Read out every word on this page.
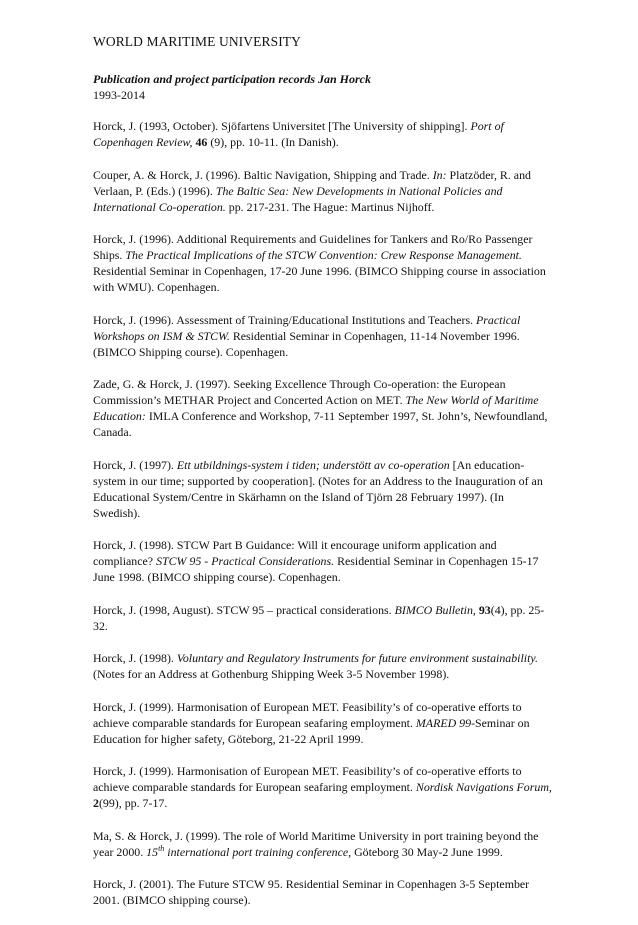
WORLD MARITIME UNIVERSITY
Publication and project participation records Jan Horck
1993-2014
Horck, J. (1993, October). Sjöfartens Universitet [The University of shipping]. Port of Copenhagen Review, 46 (9), pp. 10-11. (In Danish).
Couper, A. & Horck, J. (1996). Baltic Navigation, Shipping and Trade. In: Platzöder, R. and Verlaan, P. (Eds.) (1996). The Baltic Sea: New Developments in National Policies and International Co-operation. pp. 217-231. The Hague: Martinus Nijhoff.
Horck, J. (1996). Additional Requirements and Guidelines for Tankers and Ro/Ro Passenger Ships. The Practical Implications of the STCW Convention: Crew Response Management. Residential Seminar in Copenhagen, 17-20 June 1996. (BIMCO Shipping course in association with WMU). Copenhagen.
Horck, J. (1996). Assessment of Training/Educational Institutions and Teachers. Practical Workshops on ISM & STCW. Residential Seminar in Copenhagen, 11-14 November 1996. (BIMCO Shipping course). Copenhagen.
Zade, G. & Horck, J. (1997). Seeking Excellence Through Co-operation: the European Commission’s METHAR Project and Concerted Action on MET. The New World of Maritime Education: IMLA Conference and Workshop, 7-11 September 1997, St. John’s, Newfoundland, Canada.
Horck, J. (1997). Ett utbildnings-system i tiden; understött av co-operation [An education-system in our time; supported by cooperation]. (Notes for an Address to the Inauguration of an Educational System/Centre in Skärhamn on the Island of Tjörn 28 February 1997). (In Swedish).
Horck, J. (1998). STCW Part B Guidance: Will it encourage uniform application and compliance? STCW 95 - Practical Considerations. Residential Seminar in Copenhagen 15-17 June 1998. (BIMCO shipping course). Copenhagen.
Horck, J. (1998, August). STCW 95 – practical considerations. BIMCO Bulletin, 93(4), pp. 25-32.
Horck, J. (1998). Voluntary and Regulatory Instruments for future environment sustainability. (Notes for an Address at Gothenburg Shipping Week 3-5 November 1998).
Horck, J. (1999). Harmonisation of European MET. Feasibility’s of co-operative efforts to achieve comparable standards for European seafaring employment. MARED 99-Seminar on Education for higher safety, Göteborg, 21-22 April 1999.
Horck, J. (1999). Harmonisation of European MET. Feasibility’s of co-operative efforts to achieve comparable standards for European seafaring employment. Nordisk Navigations Forum, 2(99), pp. 7-17.
Ma, S. & Horck, J. (1999). The role of World Maritime University in port training beyond the year 2000. 15th international port training conference, Göteborg 30 May-2 June 1999.
Horck, J. (2001). The Future STCW 95. Residential Seminar in Copenhagen 3-5 September 2001. (BIMCO shipping course).
